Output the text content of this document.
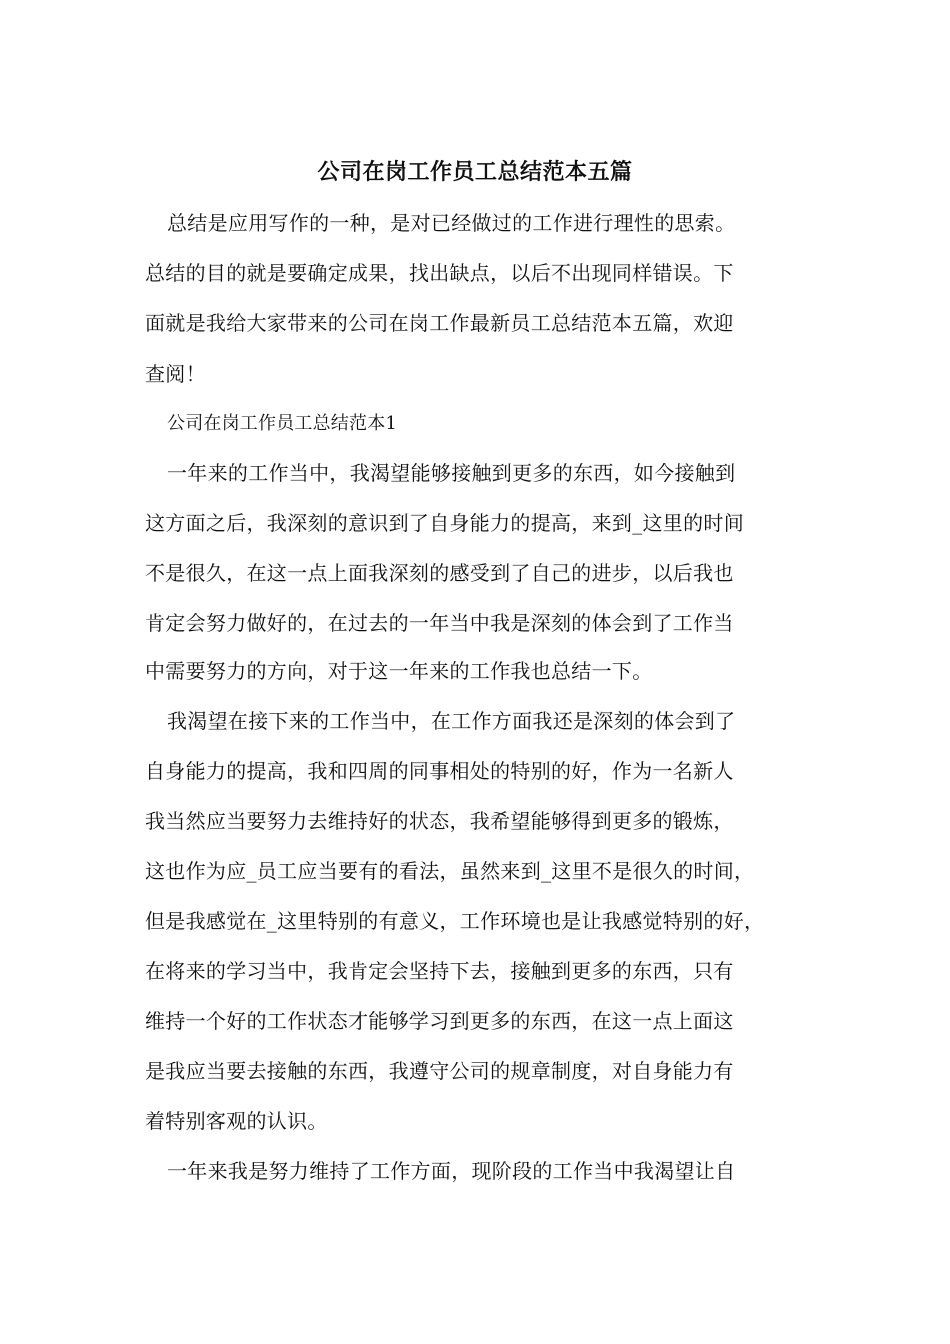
公司在岗工作员工总结范本五篇
总结是应用写作的一种，是对已经做过的工作进行理性的思索。
总结的目的就是要确定成果，找出缺点，以后不出现同样错误。下
面就是我给大家带来的公司在岗工作最新员工总结范本五篇，欢迎
查阅！
公司在岗工作员工总结范本1
一年来的工作当中，我渴望能够接触到更多的东西，如今接触到
这方面之后，我深刻的意识到了自身能力的提高，来到_这里的时间
不是很久，在这一点上面我深刻的感受到了自己的进步，以后我也
肯定会努力做好的，在过去的一年当中我是深刻的体会到了工作当
中需要努力的方向，对于这一年来的工作我也总结一下。
我渴望在接下来的工作当中，在工作方面我还是深刻的体会到了
自身能力的提高，我和四周的同事相处的特别的好，作为一名新人
我当然应当要努力去维持好的状态，我希望能够得到更多的锻炼，
这也作为应_员工应当要有的看法，虽然来到_这里不是很久的时间，
但是我感觉在_这里特别的有意义，工作环境也是让我感觉特别的好，
在将来的学习当中，我肯定会坚持下去，接触到更多的东西，只有
维持一个好的工作状态才能够学习到更多的东西，在这一点上面这
是我应当要去接触的东西，我遵守公司的规章制度，对自身能力有
着特别客观的认识。
一年来我是努力维持了工作方面，现阶段的工作当中我渴望让自
